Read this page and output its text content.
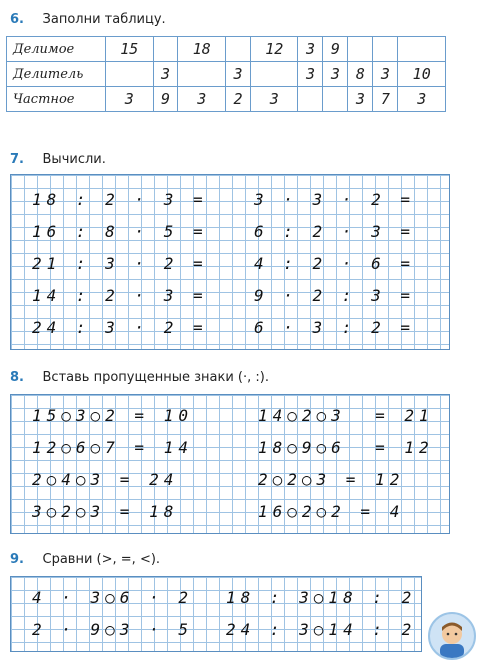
6. Заполни таблицу.
Делимое	15		18		12	3	9			
Делитель		3		3		3	3	8	3	10
Частное	3	9	3	2	3			3	7	3
7. Вычисли.
18 : 2 · 3 =
16 : 8 · 5 =
21 : 3 · 2 =
14 : 2 · 3 =
24 : 3 · 2 =
3 · 3 · 2 =
6 : 2 · 3 =
4 : 2 · 6 =
9 · 2 : 3 =
6 · 3 : 2 =
8. Вставь пропущенные знаки (·, :).
15○3○2 = 10
12○6○7 = 14
2○4○3 = 24
3○2○3 = 18
14○2○3  = 21
18○9○6  = 12
2○2○3 = 12
16○2○2 = 4
9. Сравни (>, =, <).
4 · 3○6 · 2
2 · 9○3 · 5
18 : 3○18 : 2
24 : 3○14 : 2
